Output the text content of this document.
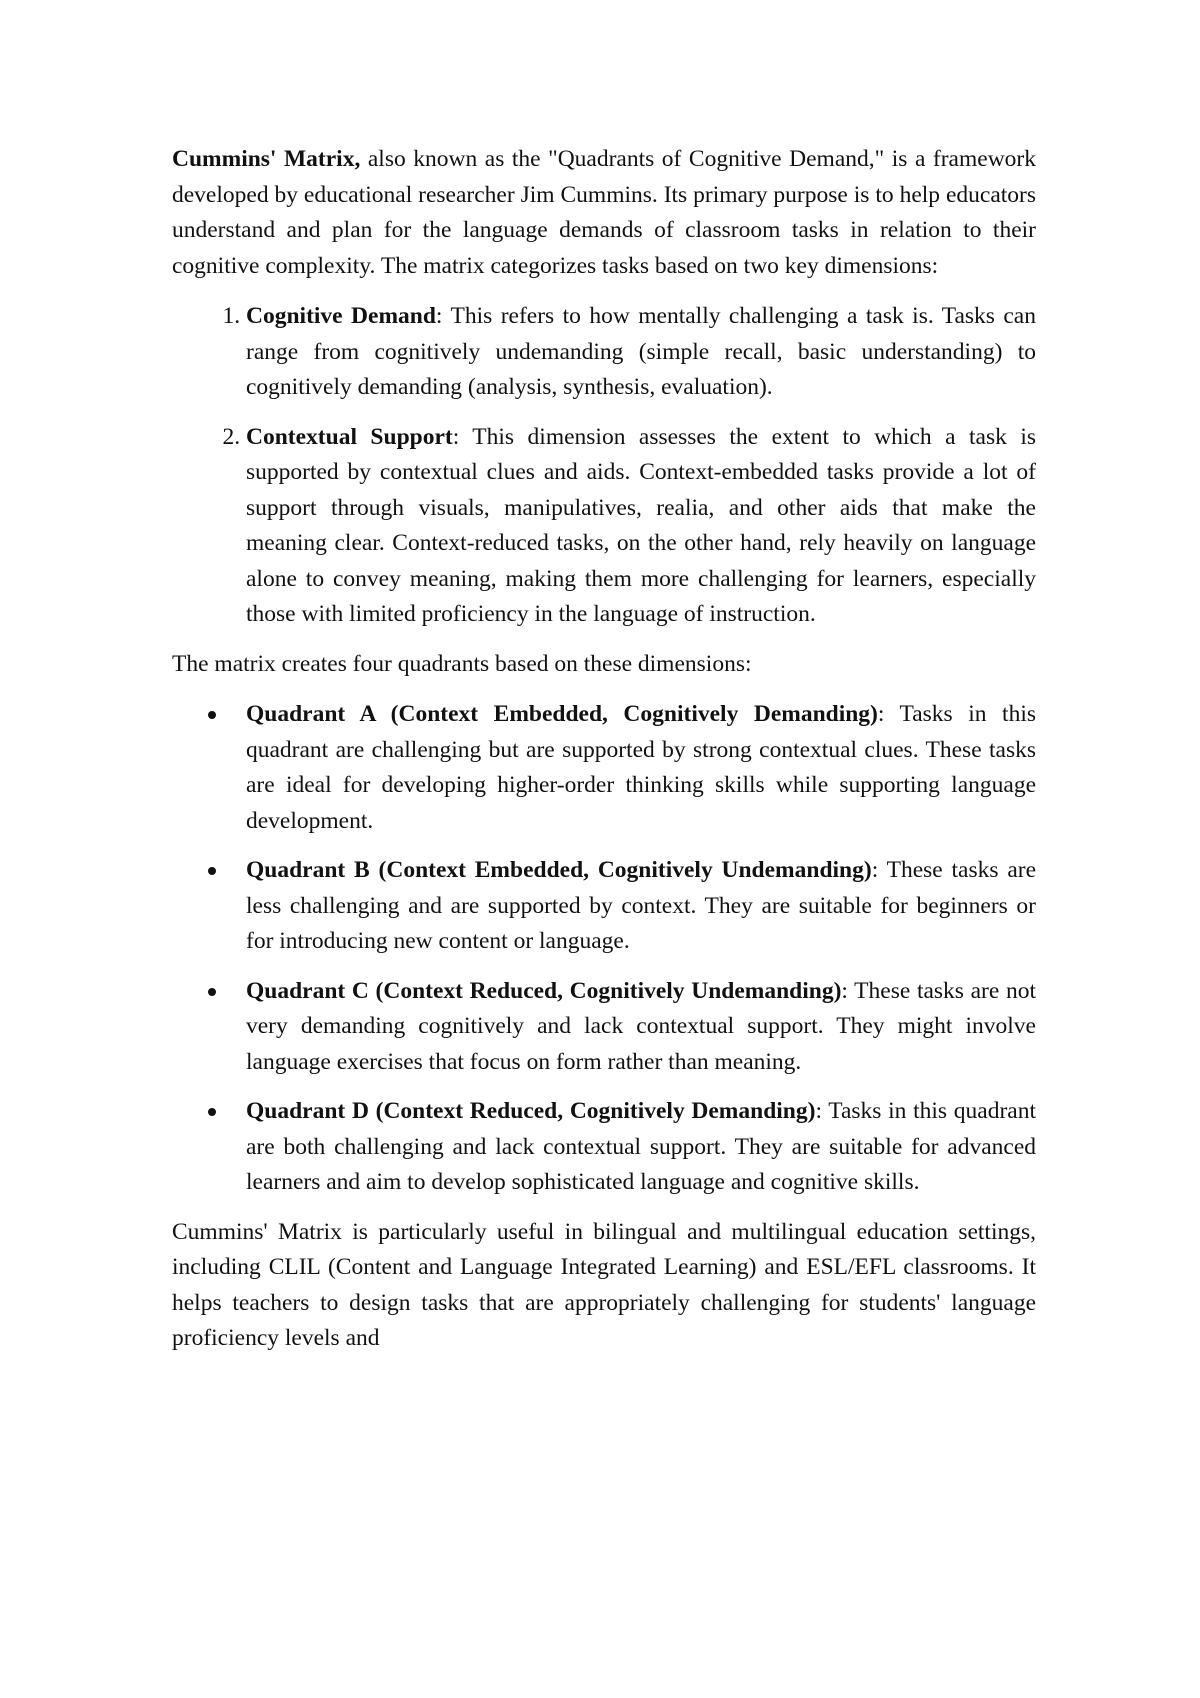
Cummins' Matrix, also known as the "Quadrants of Cognitive Demand," is a framework developed by educational researcher Jim Cummins. Its primary purpose is to help educators understand and plan for the language demands of classroom tasks in relation to their cognitive complexity. The matrix categorizes tasks based on two key dimensions:

1. Cognitive Demand: This refers to how mentally challenging a task is. Tasks can range from cognitively undemanding (simple recall, basic understanding) to cognitively demanding (analysis, synthesis, evaluation).
2. Contextual Support: This dimension assesses the extent to which a task is supported by contextual clues and aids. Context-embedded tasks provide a lot of support through visuals, manipulatives, realia, and other aids that make the meaning clear. Context-reduced tasks, on the other hand, rely heavily on language alone to convey meaning, making them more challenging for learners, especially those with limited proficiency in the language of instruction.

The matrix creates four quadrants based on these dimensions:

Quadrant A (Context Embedded, Cognitively Demanding): Tasks in this quadrant are challenging but are supported by strong contextual clues. These tasks are ideal for developing higher-order thinking skills while supporting language development.
Quadrant B (Context Embedded, Cognitively Undemanding): These tasks are less challenging and are supported by context. They are suitable for beginners or for introducing new content or language.
Quadrant C (Context Reduced, Cognitively Undemanding): These tasks are not very demanding cognitively and lack contextual support. They might involve language exercises that focus on form rather than meaning.
Quadrant D (Context Reduced, Cognitively Demanding): Tasks in this quadrant are both challenging and lack contextual support. They are suitable for advanced learners and aim to develop sophisticated language and cognitive skills.

Cummins' Matrix is particularly useful in bilingual and multilingual education settings, including CLIL (Content and Language Integrated Learning) and ESL/EFL classrooms. It helps teachers to design tasks that are appropriately challenging for students' language proficiency levels and
